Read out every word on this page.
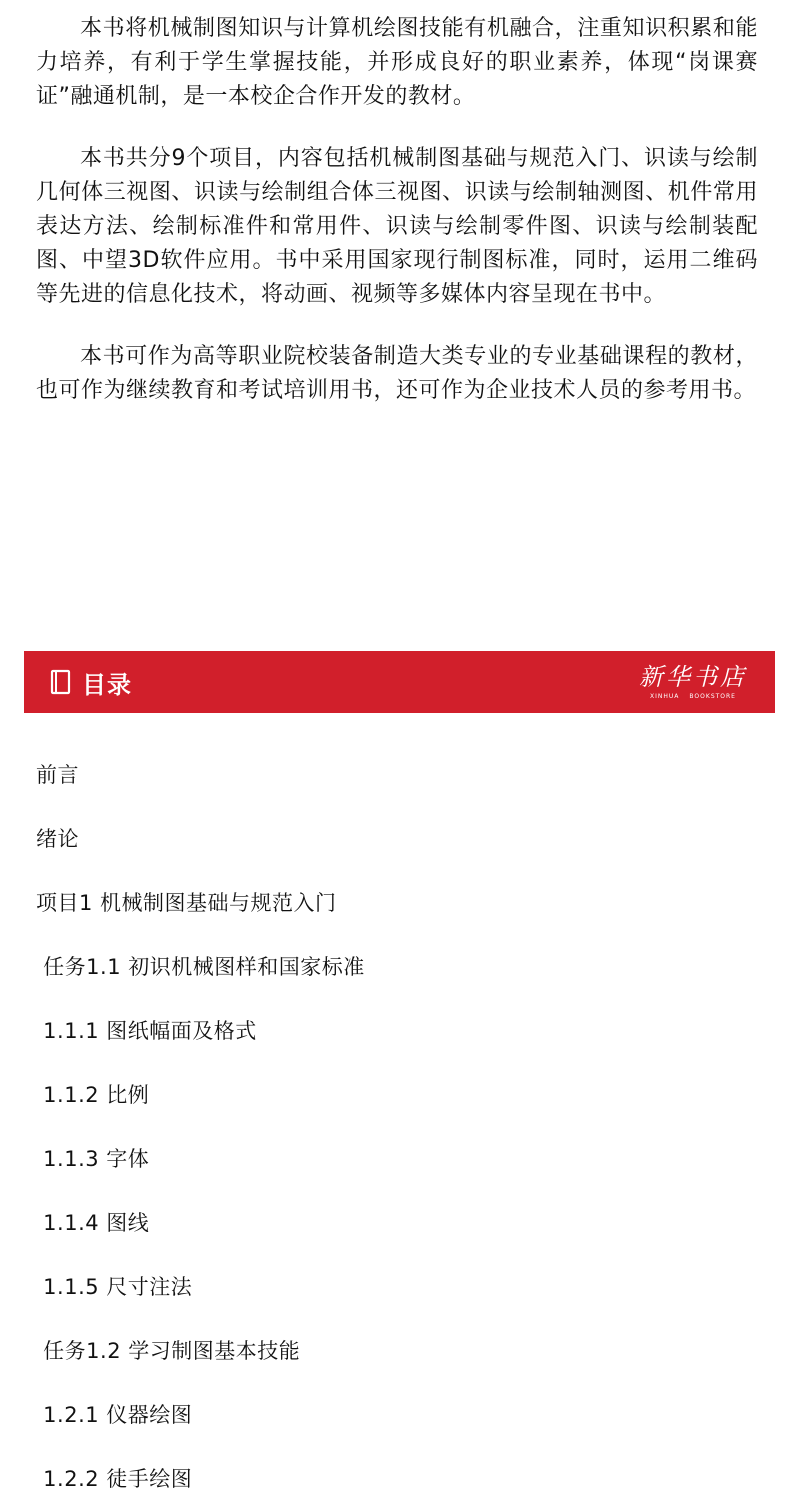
本书将机械制图知识与计算机绘图技能有机融合，注重知识积累和能力培养，有利于学生掌握技能，并形成良好的职业素养，体现“岗课赛证”融通机制，是一本校企合作开发的教材。

本书共分9个项目，内容包括机械制图基础与规范入门、识读与绘制几何体三视图、识读与绘制组合体三视图、识读与绘制轴测图、机件常用表达方法、绘制标准件和常用件、识读与绘制零件图、识读与绘制装配图、中望3D软件应用。书中采用国家现行制图标准，同时，运用二维码等先进的信息化技术，将动画、视频等多媒体内容呈现在书中。

本书可作为高等职业院校装备制造大类专业的专业基础课程的教材，也可作为继续教育和考试培训用书，还可作为企业技术人员的参考用书。

目录	新华书店
XINHUA BOOKSTORE
前言
绪论
项目1 机械制图基础与规范入门
任务1.1 初识机械图样和国家标准
1.1.1 图纸幅面及格式
1.1.2 比例
1.1.3 字体
1.1.4 图线
1.1.5 尺寸注法
任务1.2 学习制图基本技能
1.2.1 仪器绘图
1.2.2 徒手绘图
